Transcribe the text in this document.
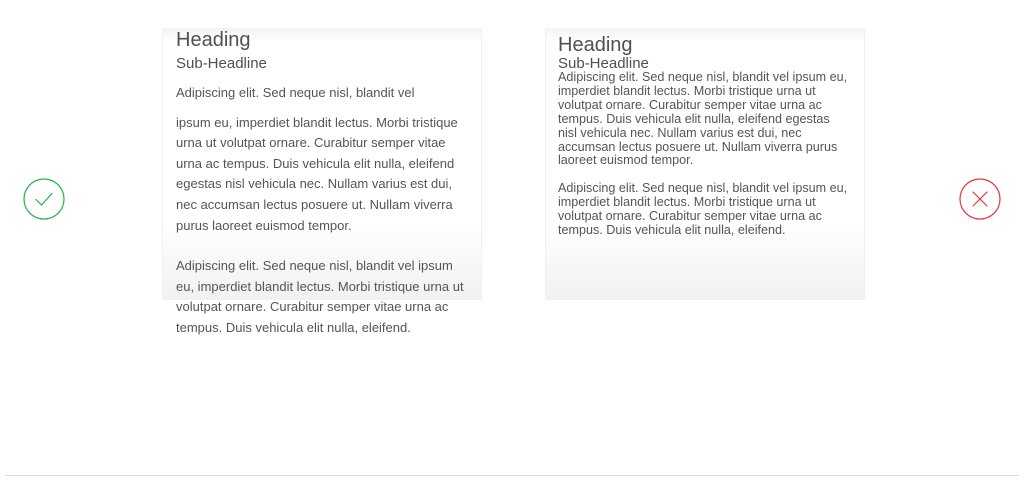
Heading
Sub-Headline

Adipiscing elit. Sed neque nisl, blandit vel

ipsum eu, imperdiet blandit lectus. Morbi tristique urna ut volutpat ornare. Curabitur semper vitae urna ac tempus. Duis vehicula elit nulla, eleifend egestas nisl vehicula nec. Nullam varius est dui, nec accumsan lectus posuere ut. Nullam viverra purus laoreet euismod tempor.

Adipiscing elit. Sed neque nisl, blandit vel ipsum eu, imperdiet blandit lectus. Morbi tristique urna ut volutpat ornare. Curabitur semper vitae urna ac tempus. Duis vehicula elit nulla, eleifend.

Heading
Sub-Headline

Adipiscing elit. Sed neque nisl, blandit vel ipsum eu, imperdiet blandit lectus. Morbi tristique urna ut volutpat ornare. Curabitur semper vitae urna ac tempus. Duis vehicula elit nulla, eleifend egestas nisl vehicula nec. Nullam varius est dui, nec accumsan lectus posuere ut. Nullam viverra purus laoreet euismod tempor.

Adipiscing elit. Sed neque nisl, blandit vel ipsum eu, imperdiet blandit lectus. Morbi tristique urna ut volutpat ornare. Curabitur semper vitae urna ac tempus. Duis vehicula elit nulla, eleifend.
